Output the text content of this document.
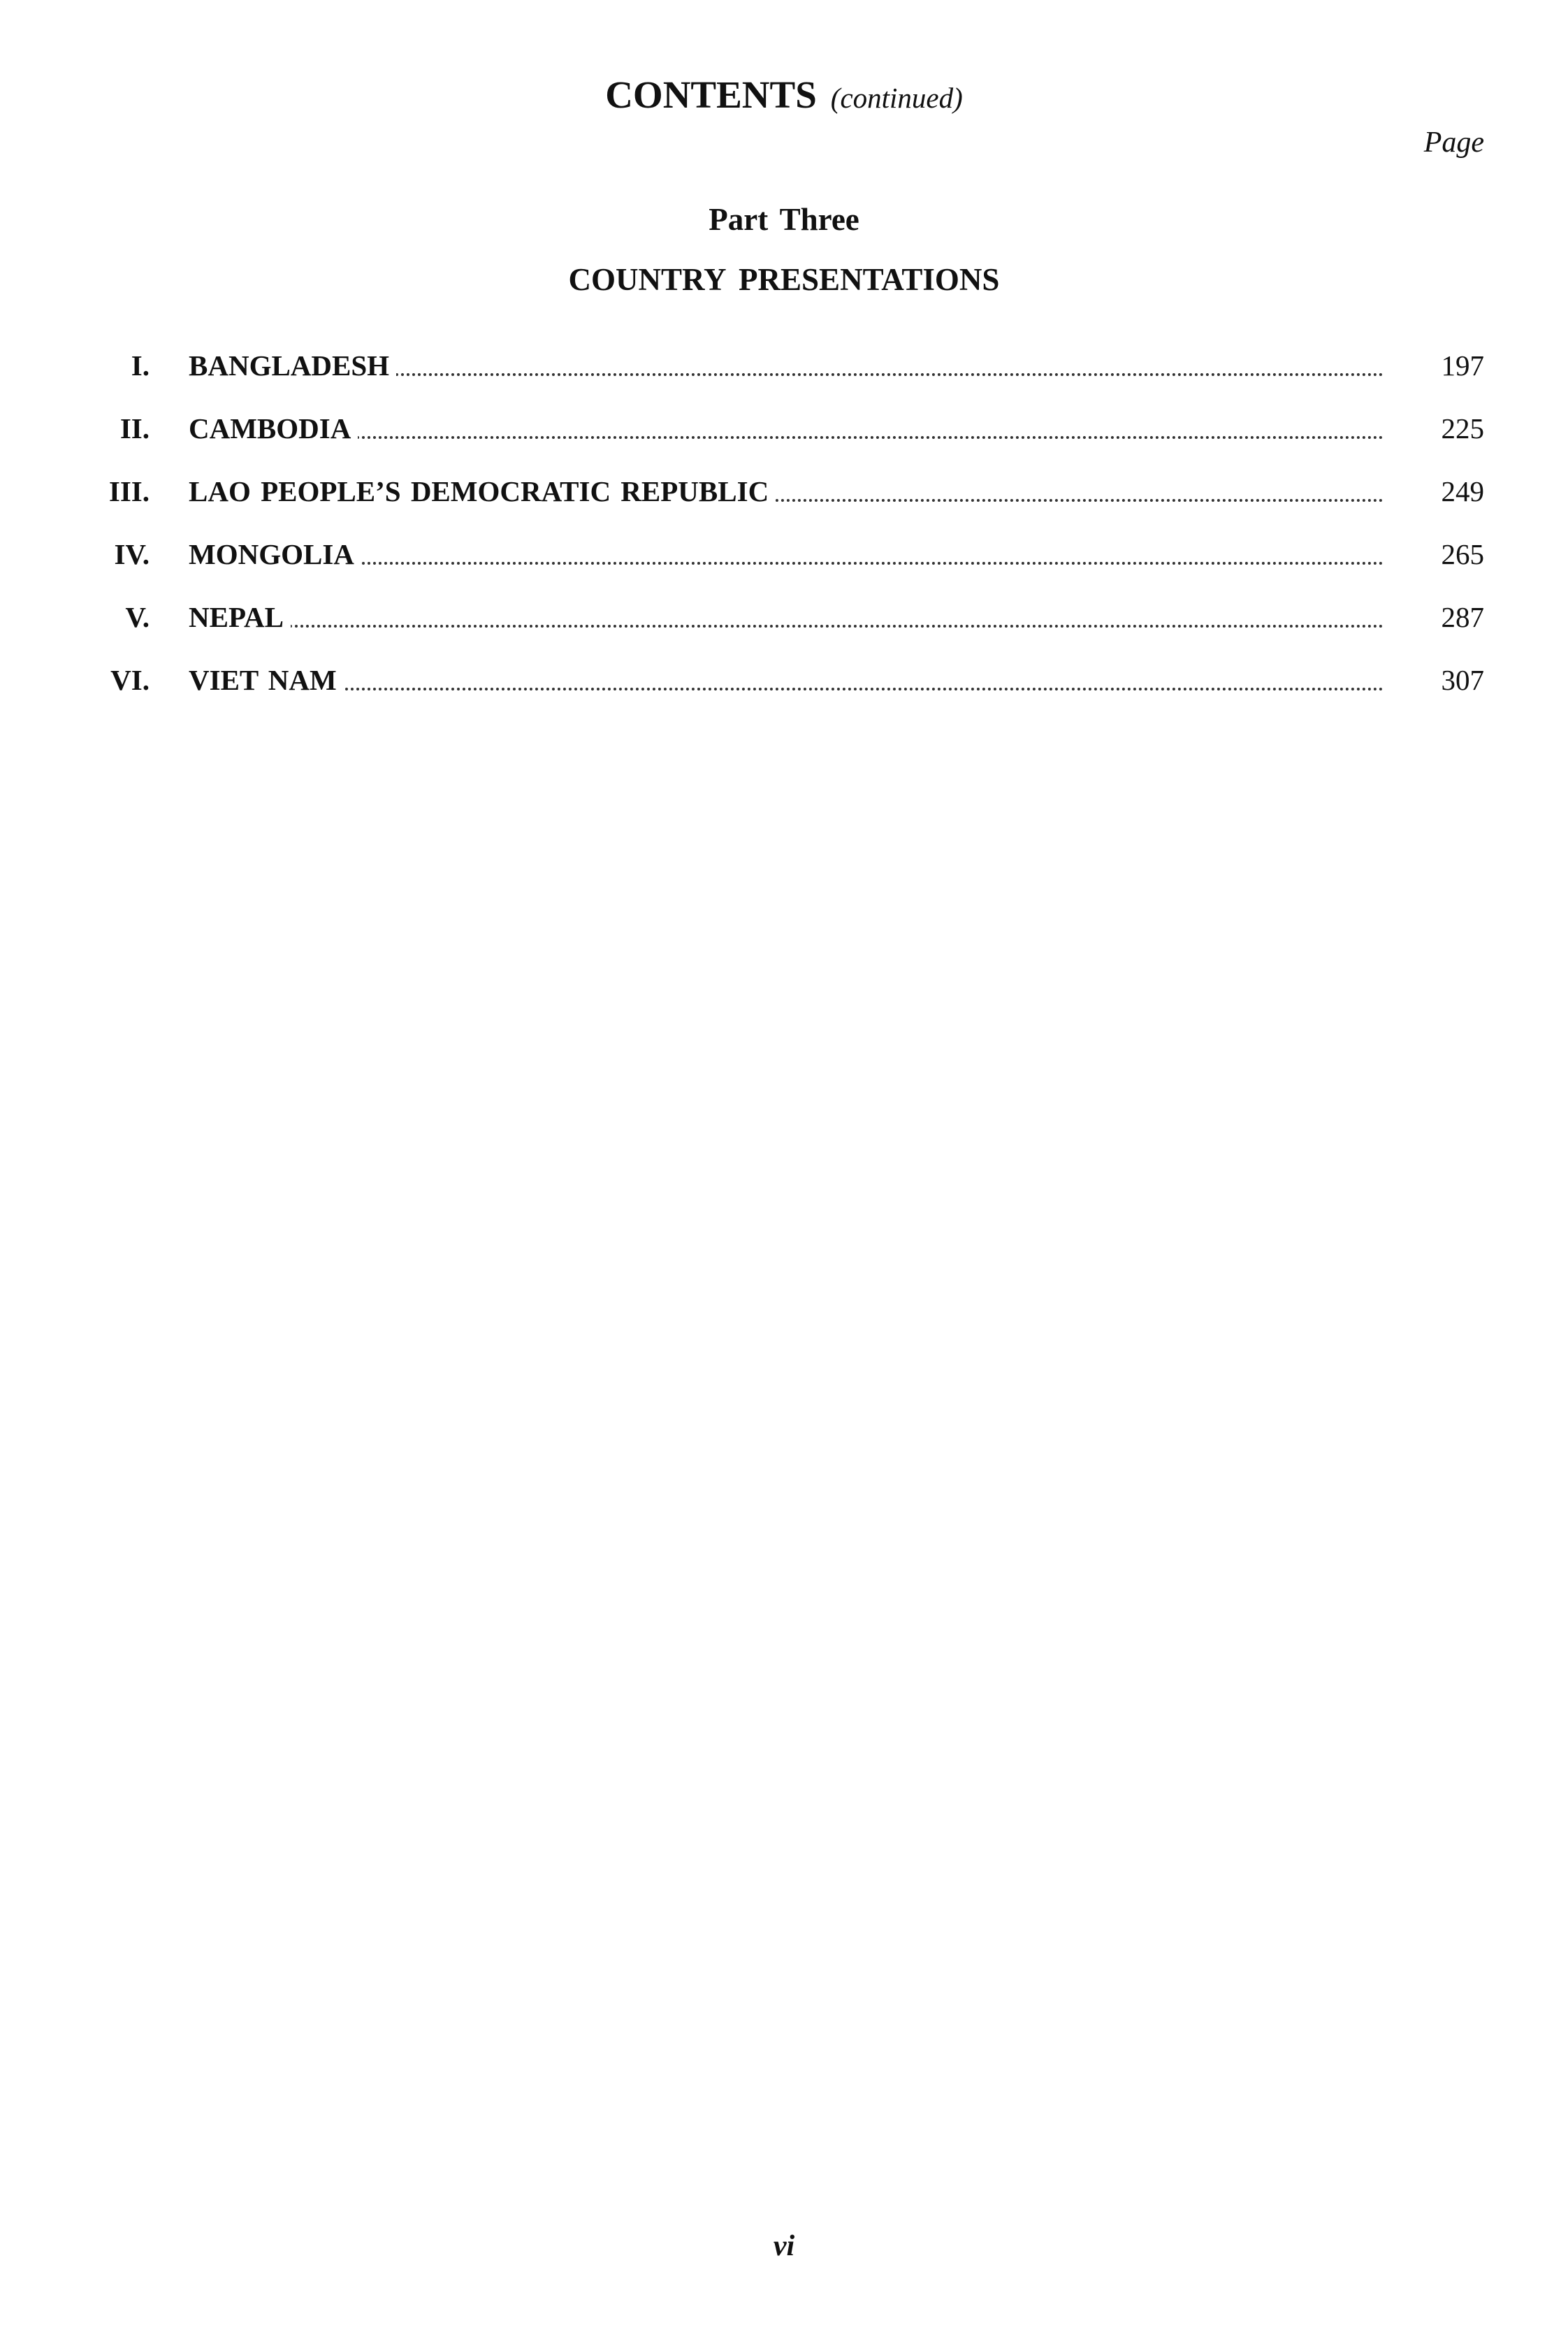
CONTENTS (continued)
Page
Part Three
COUNTRY PRESENTATIONS
I. BANGLADESH	197
II. CAMBODIA	225
III. LAO PEOPLE’S DEMOCRATIC REPUBLIC	249
IV. MONGOLIA	265
V. NEPAL	287
VI. VIET NAM	307
vi
